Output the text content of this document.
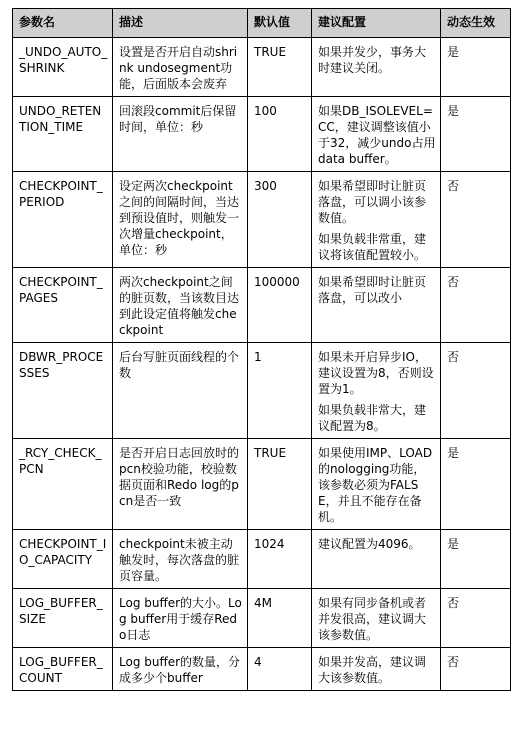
参数名	描述	默认值	建议配置	动态生效
_UNDO_AUTO_SHRINK	设置是否开启自动shrink undosegment功能，后面版本会废弃	TRUE	如果并发少，事务大时建议关闭。	是
UNDO_RETENTION_TIME	回滚段commit后保留时间，单位：秒	100	如果DB_ISOLEVEL=CC，建议调整该值小于32，减少undo占用data buffer。	是
CHECKPOINT_PERIOD	设定两次checkpoint之间的间隔时间，当达到预设值时，则触发一次增量checkpoint，单位：秒	300	如果希望即时让脏页落盘，可以调小该参数值。

如果负载非常重，建议将该值配置较小。	否
CHECKPOINT_PAGES	两次checkpoint之间的脏页数，当该数目达到此设定值将触发checkpoint	100000	如果希望即时让脏页落盘，可以改小	否
DBWR_PROCESSES	后台写脏页面线程的个数	1	如果未开启异步IO，建议设置为8，否则设置为1。

如果负载非常大，建议配置为8。	否
_RCY_CHECK_PCN	是否开启日志回放时的pcn校验功能，校验数据页面和Redo log的pcn是否一致	TRUE	如果使用IMP、LOAD的nologging功能，该参数必须为FALSE，并且不能存在备机。	是
CHECKPOINT_IO_CAPACITY	checkpoint未被主动触发时，每次落盘的脏页容量。	1024	建议配置为4096。	是
LOG_BUFFER_SIZE	Log buffer的大小。Log buffer用于缓存Redo日志	4M	如果有同步备机或者并发很高，建议调大该参数值。	否
LOG_BUFFER_COUNT	Log buffer的数量，分成多少个buffer	4	如果并发高，建议调大该参数值。	否
